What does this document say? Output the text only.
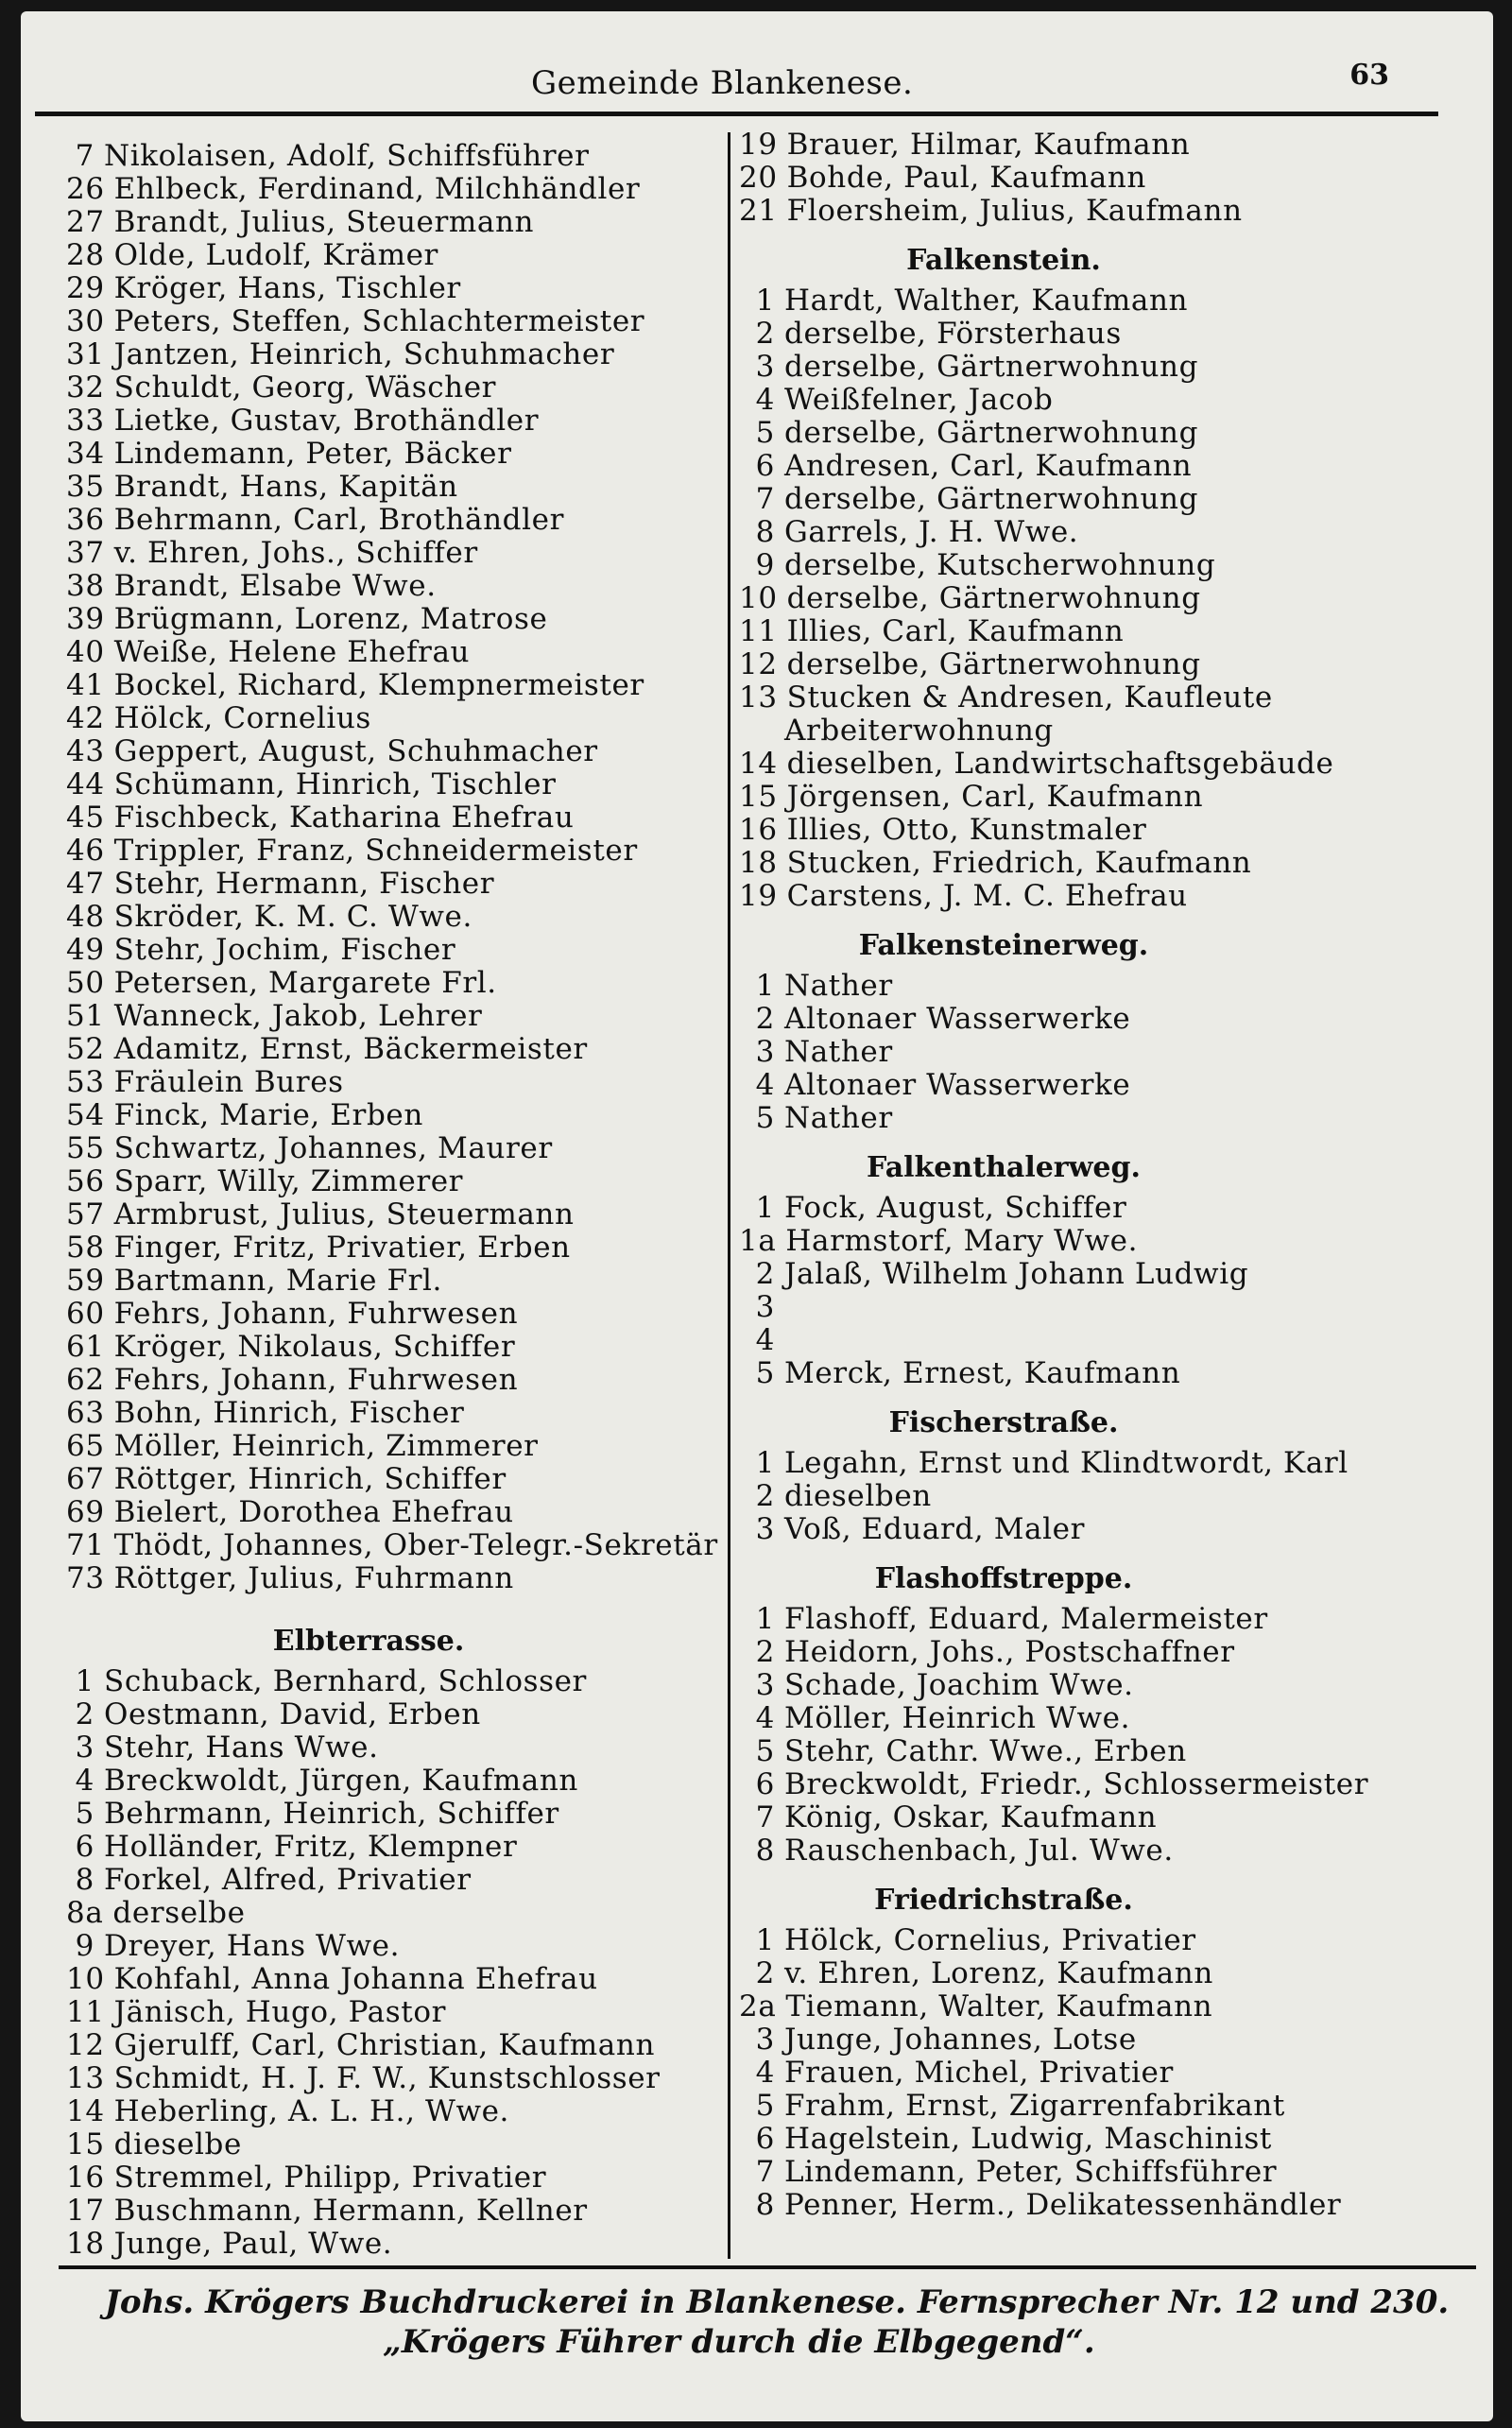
Gemeinde Blankenese.	63
7 Nikolaisen, Adolf, Schiffsführer
26 Ehlbeck, Ferdinand, Milchhändler
27 Brandt, Julius, Steuermann
28 Olde, Ludolf, Krämer
29 Kröger, Hans, Tischler
30 Peters, Steffen, Schlachtermeister
31 Jantzen, Heinrich, Schuhmacher
32 Schuldt, Georg, Wäscher
33 Lietke, Gustav, Brothändler
34 Lindemann, Peter, Bäcker
35 Brandt, Hans, Kapitän
36 Behrmann, Carl, Brothändler
37 v. Ehren, Johs., Schiffer
38 Brandt, Elsabe Wwe.
39 Brügmann, Lorenz, Matrose
40 Weiße, Helene Ehefrau
41 Bockel, Richard, Klempnermeister
42 Hölck, Cornelius
43 Geppert, August, Schuhmacher
44 Schümann, Hinrich, Tischler
45 Fischbeck, Katharina Ehefrau
46 Trippler, Franz, Schneidermeister
47 Stehr, Hermann, Fischer
48 Skröder, K. M. C. Wwe.
49 Stehr, Jochim, Fischer
50 Petersen, Margarete Frl.
51 Wanneck, Jakob, Lehrer
52 Adamitz, Ernst, Bäckermeister
53 Fräulein Bures
54 Finck, Marie, Erben
55 Schwartz, Johannes, Maurer
56 Sparr, Willy, Zimmerer
57 Armbrust, Julius, Steuermann
58 Finger, Fritz, Privatier, Erben
59 Bartmann, Marie Frl.
60 Fehrs, Johann, Fuhrwesen
61 Kröger, Nikolaus, Schiffer
62 Fehrs, Johann, Fuhrwesen
63 Bohn, Hinrich, Fischer
65 Möller, Heinrich, Zimmerer
67 Röttger, Hinrich, Schiffer
69 Bielert, Dorothea Ehefrau
71 Thödt, Johannes, Ober-Telegr.-Sekretär
73 Röttger, Julius, Fuhrmann
Elbterrasse.
1 Schuback, Bernhard, Schlosser
2 Oestmann, David, Erben
3 Stehr, Hans Wwe.
4 Breckwoldt, Jürgen, Kaufmann
5 Behrmann, Heinrich, Schiffer
6 Holländer, Fritz, Klempner
8 Forkel, Alfred, Privatier
8a derselbe
9 Dreyer, Hans Wwe.
10 Kohfahl, Anna Johanna Ehefrau
11 Jänisch, Hugo, Pastor
12 Gjerulff, Carl, Christian, Kaufmann
13 Schmidt, H. J. F. W., Kunstschlosser
14 Heberling, A. L. H., Wwe.
15 dieselbe
16 Stremmel, Philipp, Privatier
17 Buschmann, Hermann, Kellner
18 Junge, Paul, Wwe.
19 Brauer, Hilmar, Kaufmann
20 Bohde, Paul, Kaufmann
21 Floersheim, Julius, Kaufmann
Falkenstein.
1 Hardt, Walther, Kaufmann
2 derselbe, Försterhaus
3 derselbe, Gärtnerwohnung
4 Weißfelner, Jacob
5 derselbe, Gärtnerwohnung
6 Andresen, Carl, Kaufmann
7 derselbe, Gärtnerwohnung
8 Garrels, J. H. Wwe.
9 derselbe, Kutscherwohnung
10 derselbe, Gärtnerwohnung
11 Illies, Carl, Kaufmann
12 derselbe, Gärtnerwohnung
13 Stucken & Andresen, Kaufleute
Arbeiterwohnung
14 dieselben, Landwirtschaftsgebäude
15 Jörgensen, Carl, Kaufmann
16 Illies, Otto, Kunstmaler
18 Stucken, Friedrich, Kaufmann
19 Carstens, J. M. C. Ehefrau
Falkensteinerweg.
1 Nather
2 Altonaer Wasserwerke
3 Nather
4 Altonaer Wasserwerke
5 Nather
Falkenthalerweg.
1 Fock, August, Schiffer
1a Harmstorf, Mary Wwe.
2 Jalaß, Wilhelm Johann Ludwig
3
4
5 Merck, Ernest, Kaufmann
Fischerstraße.
1 Legahn, Ernst und Klindtwordt, Karl
2 dieselben
3 Voß, Eduard, Maler
Flashoffstreppe.
1 Flashoff, Eduard, Malermeister
2 Heidorn, Johs., Postschaffner
3 Schade, Joachim Wwe.
4 Möller, Heinrich Wwe.
5 Stehr, Cathr. Wwe., Erben
6 Breckwoldt, Friedr., Schlossermeister
7 König, Oskar, Kaufmann
8 Rauschenbach, Jul. Wwe.
Friedrichstraße.
1 Hölck, Cornelius, Privatier
2 v. Ehren, Lorenz, Kaufmann
2a Tiemann, Walter, Kaufmann
3 Junge, Johannes, Lotse
4 Frauen, Michel, Privatier
5 Frahm, Ernst, Zigarrenfabrikant
6 Hagelstein, Ludwig, Maschinist
7 Lindemann, Peter, Schiffsführer
8 Penner, Herm., Delikatessenhändler
Johs. Krögers Buchdruckerei in Blankenese. Fernsprecher Nr. 12 und 230.
„Krögers Führer durch die Elbgegend“.
